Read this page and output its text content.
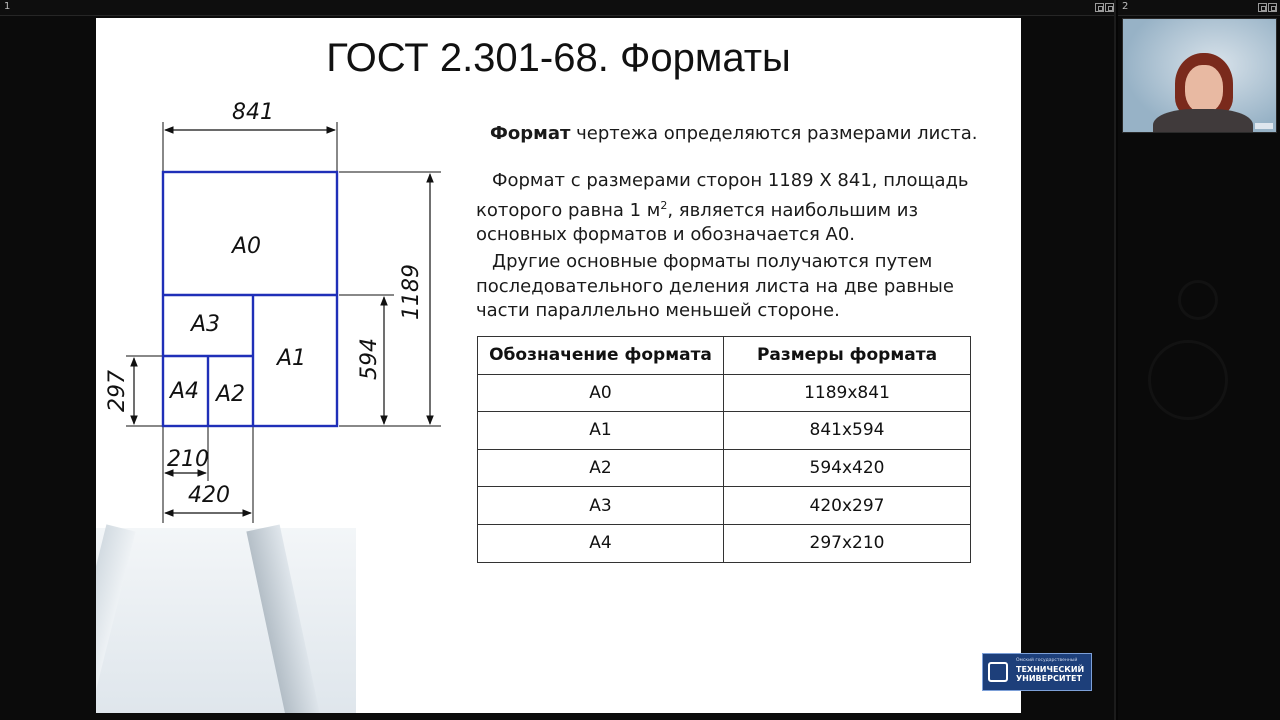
1
ГОСТ 2.301-68. Форматы
A0
A1
A2
A3
A4
841
1189
594
297
210
420
Формат чертежа определяются размерами листа.
Формат с размерами сторон 1189 Х 841, площадь которого равна 1 $м^2$, является наибольшим из основных форматов и обозначается А0.
Другие основные форматы получаются путем последовательного деления листа на две равные части параллельно меньшей стороне.
Обозначение формата	Размеры формата
А0	1189x841
А1	841x594
А2	594x420
А3	420x297
А4	297x210
Омский государственный
ТЕХНИЧЕСКИЙ
УНИВЕРСИТЕТ
2
